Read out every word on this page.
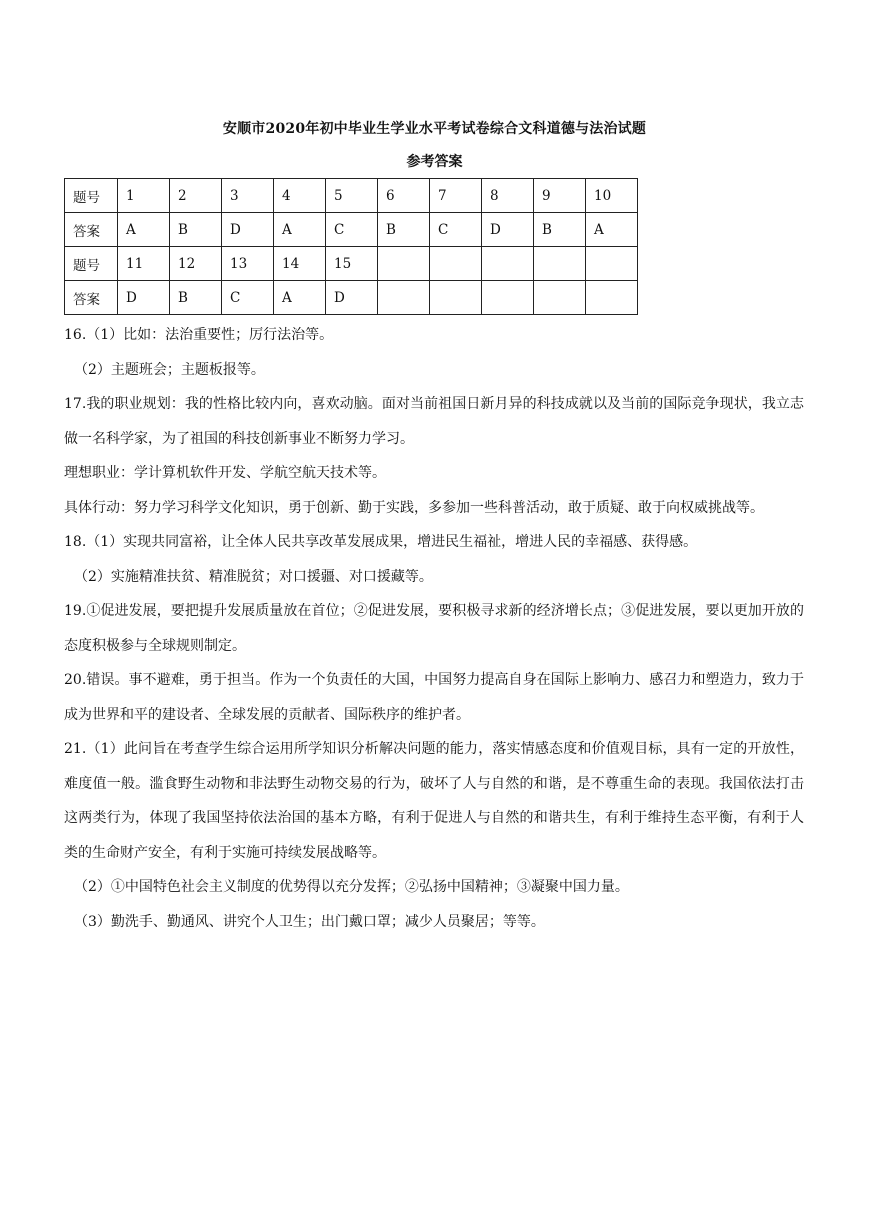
安顺市2020年初中毕业生学业水平考试卷综合文科道德与法治试题
参考答案
题号	1	2	3	4	5	6	7	8	9	10
答案	A	B	D	A	C	B	C	D	B	A
题号	11	12	13	14	15					
答案	D	B	C	A	D					

16.（1）比如：法治重要性；厉行法治等。

（2）主题班会；主题板报等。

17.我的职业规划：我的性格比较内向，喜欢动脑。面对当前祖国日新月异的科技成就以及当前的国际竞争现状，我立志做一名科学家，为了祖国的科技创新事业不断努力学习。

理想职业：学计算机软件开发、学航空航天技术等。

具体行动：努力学习科学文化知识，勇于创新、勤于实践，多参加一些科普活动，敢于质疑、敢于向权威挑战等。

18.（1）实现共同富裕，让全体人民共享改革发展成果，增进民生福祉，增进人民的幸福感、获得感。

（2）实施精准扶贫、精准脱贫；对口援疆、对口援藏等。

19.①促进发展，要把提升发展质量放在首位；②促进发展，要积极寻求新的经济增长点；③促进发展，要以更加开放的态度积极参与全球规则制定。

20.错误。事不避难，勇于担当。作为一个负责任的大国，中国努力提高自身在国际上影响力、感召力和塑造力，致力于成为世界和平的建设者、全球发展的贡献者、国际秩序的维护者。

21.（1）此问旨在考查学生综合运用所学知识分析解决问题的能力，落实情感态度和价值观目标，具有一定的开放性，难度值一般。滥食野生动物和非法野生动物交易的行为，破坏了人与自然的和谐，是不尊重生命的表现。我国依法打击这两类行为，体现了我国坚持依法治国的基本方略，有利于促进人与自然的和谐共生，有利于维持生态平衡，有利于人类的生命财产安全，有利于实施可持续发展战略等。

（2）①中国特色社会主义制度的优势得以充分发挥；②弘扬中国精神；③凝聚中国力量。

（3）勤洗手、勤通风、讲究个人卫生；出门戴口罩；减少人员聚居；等等。
